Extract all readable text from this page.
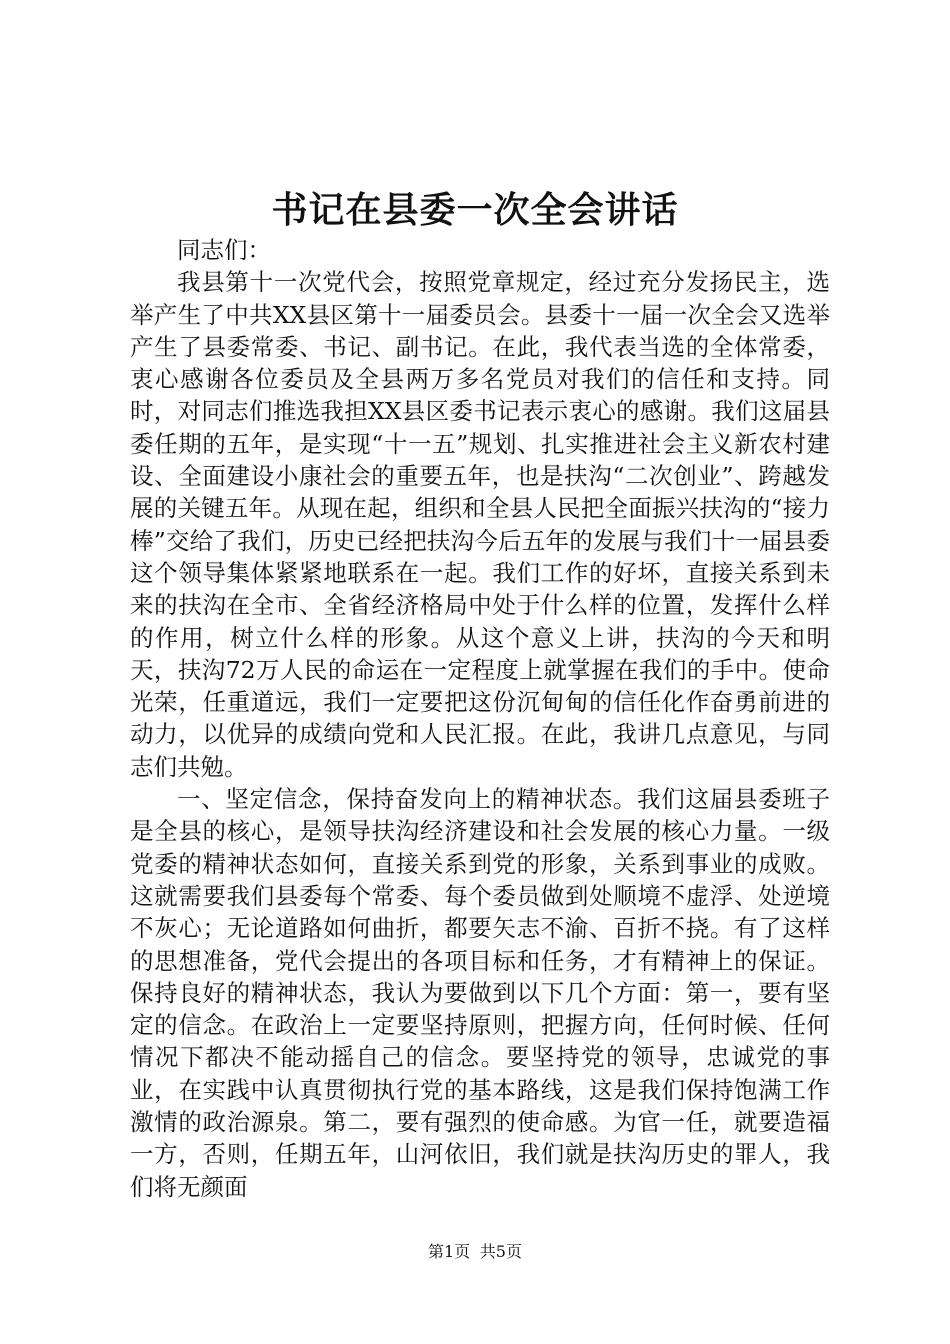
书记在县委一次全会讲话

同志们：

我县第十一次党代会，按照党章规定，经过充分发扬民主，选举产生了中共XX县区第十一届委员会。县委十一届一次全会又选举产生了县委常委、书记、副书记。在此，我代表当选的全体常委，衷心感谢各位委员及全县两万多名党员对我们的信任和支持。同时，对同志们推选我担XX县区委书记表示衷心的感谢。我们这届县委任期的五年，是实现“十一五”规划、扎实推进社会主义新农村建设、全面建设小康社会的重要五年，也是扶沟“二次创业”、跨越发展的关键五年。从现在起，组织和全县人民把全面振兴扶沟的“接力棒”交给了我们，历史已经把扶沟今后五年的发展与我们十一届县委这个领导集体紧紧地联系在一起。我们工作的好坏，直接关系到未来的扶沟在全市、全省经济格局中处于什么样的位置，发挥什么样的作用，树立什么样的形象。从这个意义上讲，扶沟的今天和明天，扶沟72万人民的命运在一定程度上就掌握在我们的手中。使命光荣，任重道远，我们一定要把这份沉甸甸的信任化作奋勇前进的动力，以优异的成绩向党和人民汇报。在此，我讲几点意见，与同志们共勉。

一、坚定信念，保持奋发向上的精神状态。我们这届县委班子是全县的核心，是领导扶沟经济建设和社会发展的核心力量。一级党委的精神状态如何，直接关系到党的形象，关系到事业的成败。这就需要我们县委每个常委、每个委员做到处顺境不虚浮、处逆境不灰心；无论道路如何曲折，都要矢志不渝、百折不挠。有了这样的思想准备，党代会提出的各项目标和任务，才有精神上的保证。保持良好的精神状态，我认为要做到以下几个方面：第一，要有坚定的信念。在政治上一定要坚持原则，把握方向，任何时候、任何情况下都决不能动摇自己的信念。要坚持党的领导，忠诚党的事业，在实践中认真贯彻执行党的基本路线，这是我们保持饱满工作激情的政治源泉。第二，要有强烈的使命感。为官一任，就要造福一方，否则，任期五年，山河依旧，我们就是扶沟历史的罪人，我们将无颜面

第1页 共5页
